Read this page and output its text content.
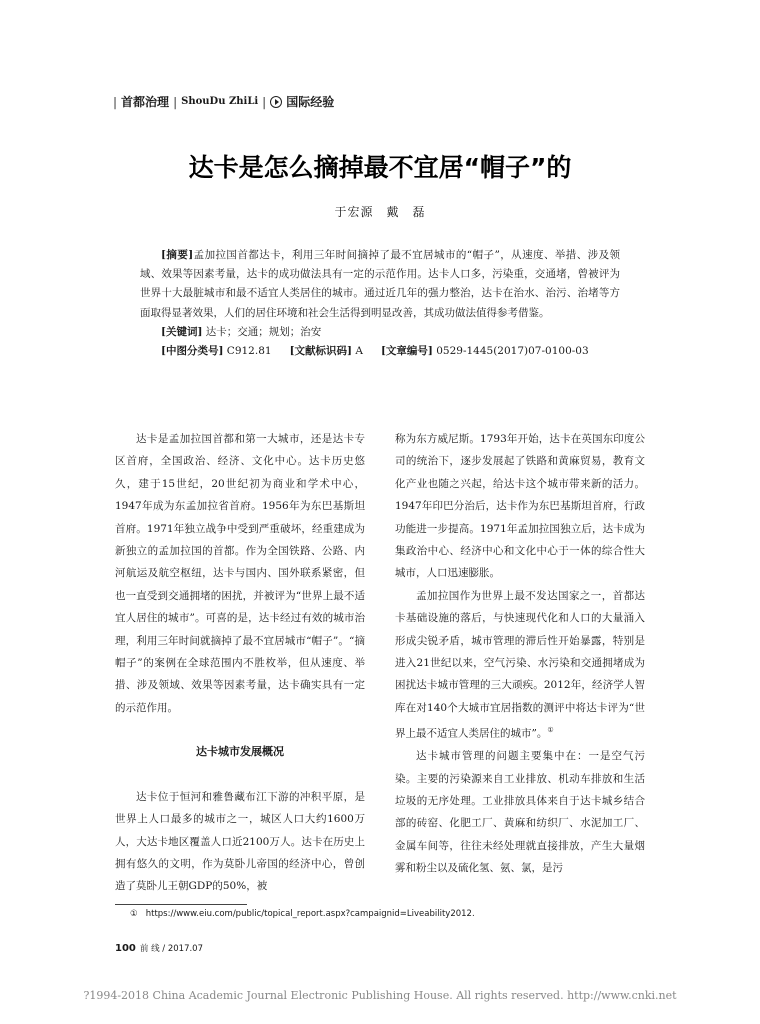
| 首都治理 | ShouDu ZhiLi | 国际经验
达卡是怎么摘掉最不宜居“帽子”的
于宏源　戴　磊
[摘要]孟加拉国首都达卡，利用三年时间摘掉了最不宜居城市的“帽子”，从速度、举措、涉及领域、效果等因素考量，达卡的成功做法具有一定的示范作用。达卡人口多，污染重，交通堵，曾被评为世界十大最脏城市和最不适宜人类居住的城市。通过近几年的强力整治，达卡在治水、治污、治堵等方面取得显著效果，人们的居住环境和社会生活得到明显改善，其成功做法值得参考借鉴。
[关键词] 达卡；交通；规划；治安
[中图分类号] C912.81 [文献标识码] A [文章编号] 0529-1445(2017)07-0100-03

达卡是孟加拉国首都和第一大城市，还是达卡专区首府，全国政治、经济、文化中心。达卡历史悠久，建于15世纪，20世纪初为商业和学术中心，1947年成为东孟加拉省首府。1956年为东巴基斯坦首府。1971年独立战争中受到严重破坏，经重建成为新独立的孟加拉国的首都。作为全国铁路、公路、内河航运及航空枢纽，达卡与国内、国外联系紧密，但也一直受到交通拥堵的困扰，并被评为“世界上最不适宜人居住的城市”。可喜的是，达卡经过有效的城市治理，利用三年时间就摘掉了最不宜居城市“帽子”。“摘帽子”的案例在全球范围内不胜枚举，但从速度、举措、涉及领域、效果等因素考量，达卡确实具有一定的示范作用。

达卡城市发展概况

达卡位于恒河和雅鲁藏布江下游的冲积平原，是世界上人口最多的城市之一，城区人口大约1600万人，大达卡地区覆盖人口近2100万人。达卡在历史上拥有悠久的文明，作为莫卧儿帝国的经济中心，曾创造了莫卧儿王朝GDP的50%，被

称为东方威尼斯。1793年开始，达卡在英国东印度公司的统治下，逐步发展起了铁路和黄麻贸易，教育文化产业也随之兴起，给达卡这个城市带来新的活力。1947年印巴分治后，达卡作为东巴基斯坦首府，行政功能进一步提高。1971年孟加拉国独立后，达卡成为集政治中心、经济中心和文化中心于一体的综合性大城市，人口迅速膨胀。

孟加拉国作为世界上最不发达国家之一，首都达卡基础设施的落后，与快速现代化和人口的大量涌入形成尖锐矛盾，城市管理的滞后性开始暴露，特别是进入21世纪以来，空气污染、水污染和交通拥堵成为困扰达卡城市管理的三大顽疾。2012年，经济学人智库在对140个大城市宜居指数的测评中将达卡评为“世界上最不适宜人类居住的城市”。①

达卡城市管理的问题主要集中在：一是空气污染。主要的污染源来自工业排放、机动车排放和生活垃圾的无序处理。工业排放具体来自于达卡城乡结合部的砖窑、化肥工厂、黄麻和纺织厂、水泥加工厂、金属车间等，往往未经处理就直接排放，产生大量烟雾和粉尘以及硫化氢、氨、氯，是污

① https://www.eiu.com/public/topical_report.aspx?campaignid=Liveability2012.
100 前 线 / 2017.07
?1994-2018 China Academic Journal Electronic Publishing House. All rights reserved. http://www.cnki.net
